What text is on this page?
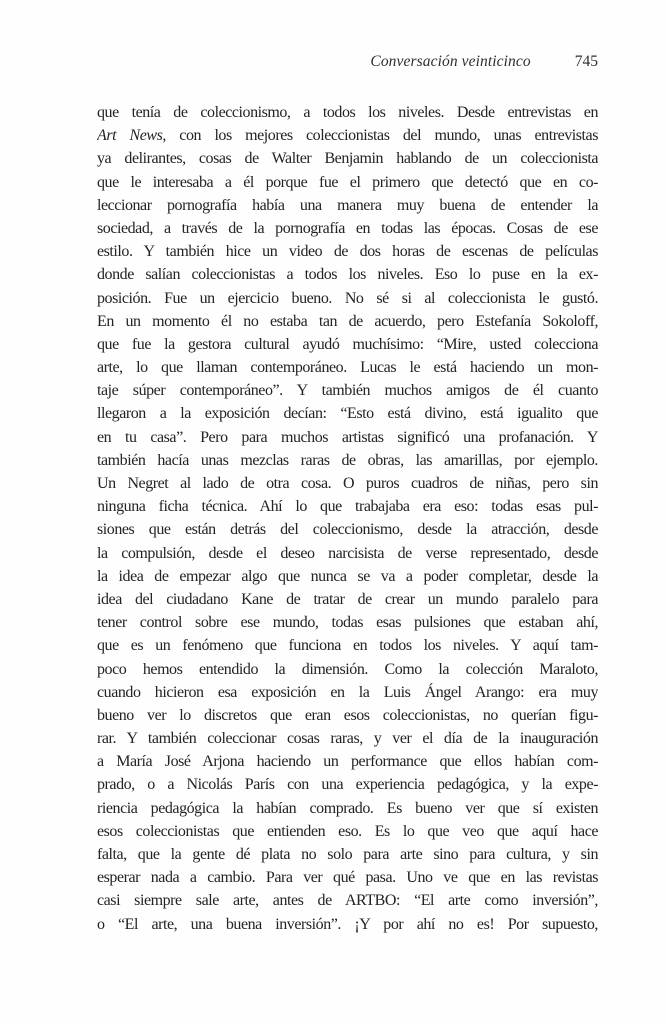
Conversación veinticinco	745
que tenía de coleccionismo, a todos los niveles. Desde entrevistas en
Art News, con los mejores coleccionistas del mundo, unas entrevistas
ya delirantes, cosas de Walter Benjamin hablando de un coleccionista
que le interesaba a él porque fue el primero que detectó que en co-
leccionar pornografía había una manera muy buena de entender la
sociedad, a través de la pornografía en todas las épocas. Cosas de ese
estilo. Y también hice un video de dos horas de escenas de películas
donde salían coleccionistas a todos los niveles. Eso lo puse en la ex-
posición. Fue un ejercicio bueno. No sé si al coleccionista le gustó.
En un momento él no estaba tan de acuerdo, pero Estefanía Sokoloff,
que fue la gestora cultural ayudó muchísimo: “Mire, usted colecciona
arte, lo que llaman contemporáneo. Lucas le está haciendo un mon-
taje súper contemporáneo”. Y también muchos amigos de él cuanto
llegaron a la exposición decían: “Esto está divino, está igualito que
en tu casa”. Pero para muchos artistas significó una profanación. Y
también hacía unas mezclas raras de obras, las amarillas, por ejemplo.
Un Negret al lado de otra cosa. O puros cuadros de niñas, pero sin
ninguna ficha técnica. Ahí lo que trabajaba era eso: todas esas pul-
siones que están detrás del coleccionismo, desde la atracción, desde
la compulsión, desde el deseo narcisista de verse representado, desde
la idea de empezar algo que nunca se va a poder completar, desde la
idea del ciudadano Kane de tratar de crear un mundo paralelo para
tener control sobre ese mundo, todas esas pulsiones que estaban ahí,
que es un fenómeno que funciona en todos los niveles. Y aquí tam-
poco hemos entendido la dimensión. Como la colección Maraloto,
cuando hicieron esa exposición en la Luis Ángel Arango: era muy
bueno ver lo discretos que eran esos coleccionistas, no querían figu-
rar. Y también coleccionar cosas raras, y ver el día de la inauguración
a María José Arjona haciendo un performance que ellos habían com-
prado, o a Nicolás París con una experiencia pedagógica, y la expe-
riencia pedagógica la habían comprado. Es bueno ver que sí existen
esos coleccionistas que entienden eso. Es lo que veo que aquí hace
falta, que la gente dé plata no solo para arte sino para cultura, y sin
esperar nada a cambio. Para ver qué pasa. Uno ve que en las revistas
casi siempre sale arte, antes de ARTBO: “El arte como inversión”,
o “El arte, una buena inversión”. ¡Y por ahí no es! Por supuesto,
